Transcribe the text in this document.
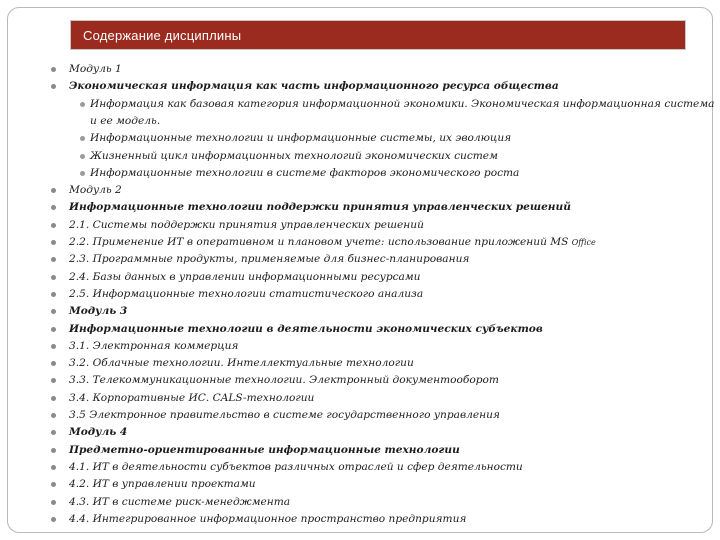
Содержание дисциплины
Модуль 1
Экономическая информация как часть информационного ресурса общества
Информация как базовая категория информационной экономики. Экономическая информационная система
и ее модель.
Информационные технологии и информационные системы, их эволюция
Жизненный цикл информационных технологий экономических систем
Информационные технологии в системе факторов экономического роста
Модуль 2
Информационные технологии поддержки принятия управленческих решений
2.1. Системы поддержки принятия управленческих решений
2.2. Применение ИТ в оперативном и плановом учете: использование приложений MS Office
2.3. Программные продукты, применяемые для бизнес-планирования
2.4. Базы данных в управлении информационными ресурсами
2.5. Информационные технологии статистического анализа
Модуль 3
Информационные технологии в деятельности экономических субъектов
3.1. Электронная коммерция
3.2. Облачные технологии. Интеллектуальные технологии
3.3. Телекоммуникационные технологии. Электронный документооборот
3.4. Корпоративные ИС. CALS-технологии
3.5 Электронное правительство в системе государственного управления
Модуль 4
Предметно-ориентированные информационные технологии
4.1. ИТ в деятельности субъектов различных отраслей и сфер деятельности
4.2. ИТ в управлении проектами
4.3. ИТ в системе риск-менеджмента
4.4. Интегрированное информационное пространство предприятия
